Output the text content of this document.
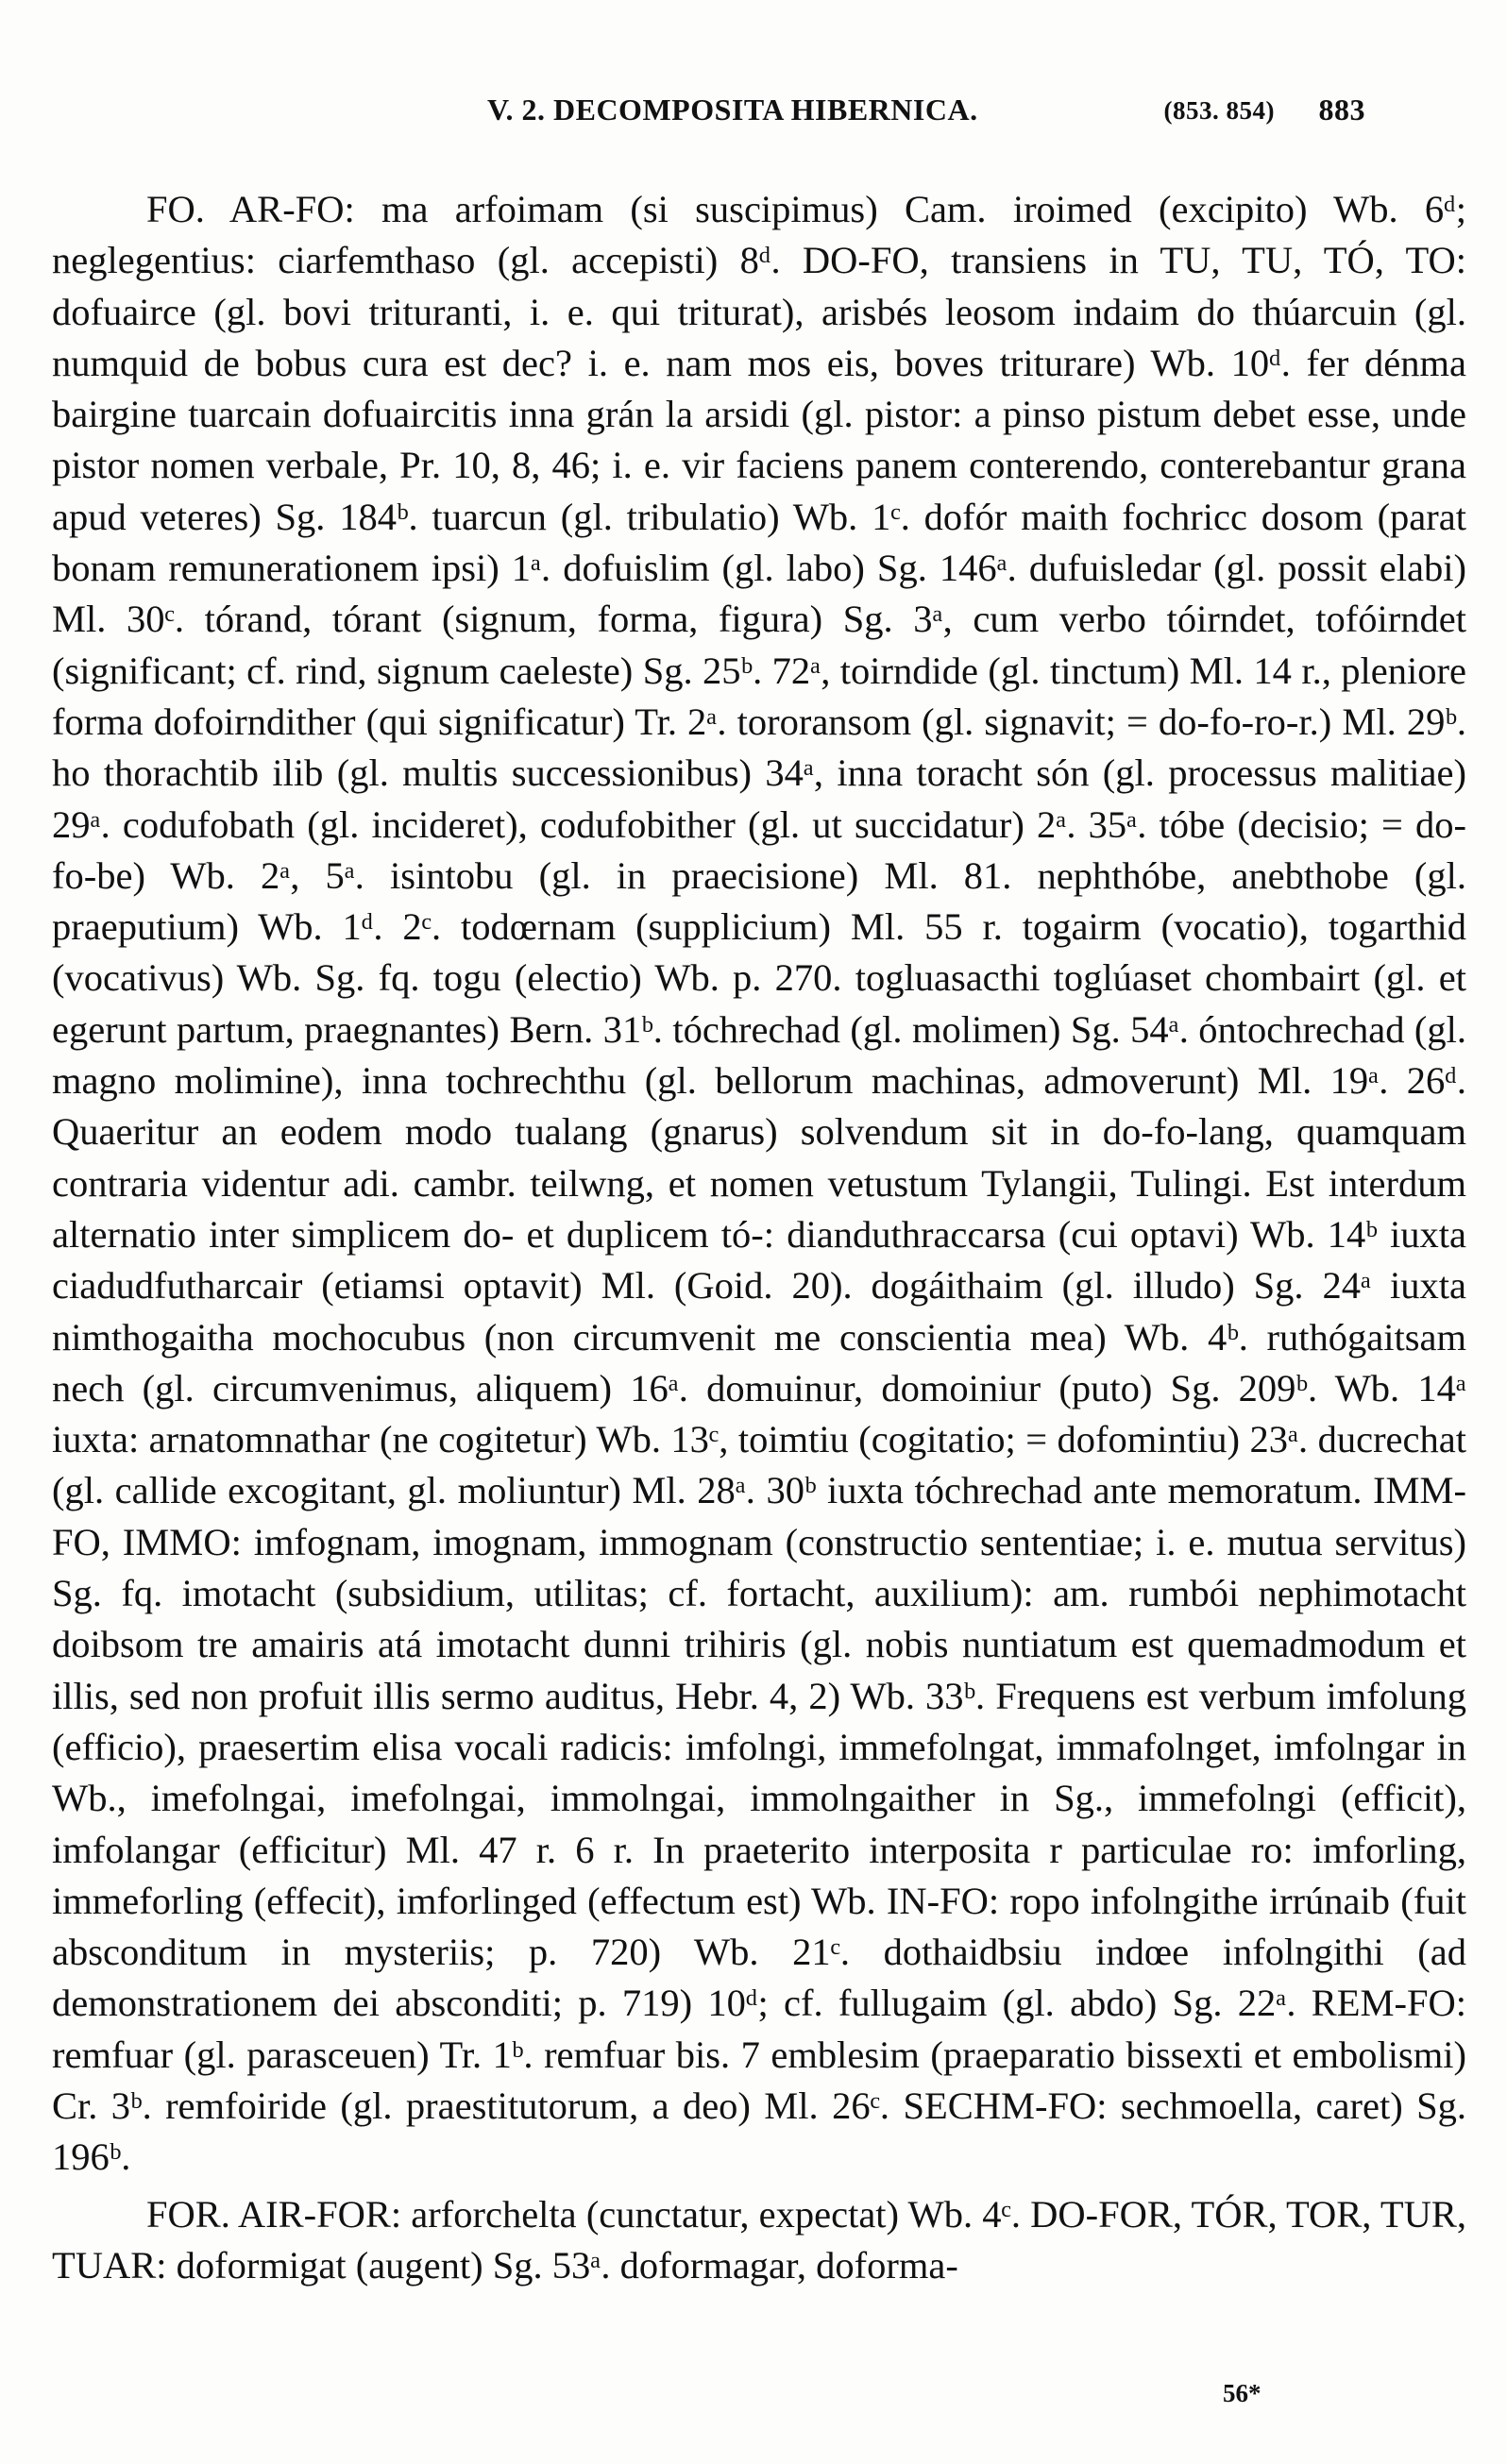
V. 2. DECOMPOSITA HIBERNICA.	(853. 854) 883

FO. AR-FO: ma arfoimam (si suscipimus) Cam. iroimed (excipito) Wb. 6ᵈ; neglegentius: ciarfemthaso (gl. accepisti) 8ᵈ. DO-FO, transiens in TU, TU, TÓ, TO: dofuairce (gl. bovi trituranti, i. e. qui triturat), arisbés leosom indaim do thúarcuin (gl. numquid de bobus cura est dec? i. e. nam mos eis, boves triturare) Wb. 10ᵈ. fer dénma bairgine tuarcain dofuaircitis inna grán la arsidi (gl. pistor: a pinso pistum debet esse, unde pistor nomen verbale, Pr. 10, 8, 46; i. e. vir faciens panem conterendo, conterebantur grana apud veteres) Sg. 184ᵇ. tuarcun (gl. tribulatio) Wb. 1ᶜ. dofór maith fochricc dosom (parat bonam remunerationem ipsi) 1ᵃ. dofuislim (gl. labo) Sg. 146ᵃ. dufuisledar (gl. possit elabi) Ml. 30ᶜ. tórand, tórant (signum, forma, figura) Sg. 3ᵃ, cum verbo tóirndet, tofóirndet (significant; cf. rind, signum caeleste) Sg. 25ᵇ. 72ᵃ, toirndide (gl. tinctum) Ml. 14 r., pleniore forma dofoirndither (qui significatur) Tr. 2ᵃ. tororansom (gl. signavit; = do-fo-ro-r.) Ml. 29ᵇ. ho thorachtib ilib (gl. multis successionibus) 34ᵃ, inna toracht són (gl. processus malitiae) 29ᵃ. codufobath (gl. incideret), codufobither (gl. ut succidatur) 2ᵃ. 35ᵃ. tóbe (decisio; = do-fo-be) Wb. 2ᵃ, 5ᵃ. isintobu (gl. in praecisione) Ml. 81. nephthóbe, anebthobe (gl. praeputium) Wb. 1ᵈ. 2ᶜ. todœrnam (supplicium) Ml. 55 r. togairm (vocatio), togarthid (vocativus) Wb. Sg. fq. togu (electio) Wb. p. 270. togluasacthi toglúaset chombairt (gl. et egerunt partum, praegnantes) Bern. 31ᵇ. tóchrechad (gl. molimen) Sg. 54ᵃ. óntochrechad (gl. magno molimine), inna tochrechthu (gl. bellorum machinas, admoverunt) Ml. 19ᵃ. 26ᵈ. Quaeritur an eodem modo tualang (gnarus) solvendum sit in do-fo-lang, quamquam contraria videntur adi. cambr. teilwng, et nomen vetustum Tylangii, Tulingi. Est interdum alternatio inter simplicem do- et duplicem tó-: dianduthraccarsa (cui optavi) Wb. 14ᵇ iuxta ciadudfutharcair (etiamsi optavit) Ml. (Goid. 20). dogáithaim (gl. illudo) Sg. 24ᵃ iuxta nimthogaitha mochocubus (non circumvenit me conscientia mea) Wb. 4ᵇ. ruthógaitsam nech (gl. circumvenimus, aliquem) 16ᵃ. domuinur, domoiniur (puto) Sg. 209ᵇ. Wb. 14ᵃ iuxta: arnatomnathar (ne cogitetur) Wb. 13ᶜ, toimtiu (cogitatio; = dofomintiu) 23ᵃ. ducrechat (gl. callide excogitant, gl. moliuntur) Ml. 28ᵃ. 30ᵇ iuxta tóchrechad ante memoratum. IMM-FO, IMMO: imfognam, imognam, immognam (constructio sententiae; i. e. mutua servitus) Sg. fq. imotacht (subsidium, utilitas; cf. fortacht, auxilium): am. rumbói nephimotacht doibsom tre amairis atá imotacht dunni trihiris (gl. nobis nuntiatum est quemadmodum et illis, sed non profuit illis sermo auditus, Hebr. 4, 2) Wb. 33ᵇ. Frequens est verbum imfolung (efficio), praesertim elisa vocali radicis: imfolngi, immefolngat, immafolnget, imfolngar in Wb., imefolngai, imefolngai, immolngai, immolngaither in Sg., immefolngi (efficit), imfolangar (efficitur) Ml. 47 r. 6 r. In praeterito interposita r particulae ro: imforling, immeforling (effecit), imforlinged (effectum est) Wb. IN-FO: ropo infolngithe irrúnaib (fuit absconditum in mysteriis; p. 720) Wb. 21ᶜ. dothaidbsiu indœe infolngithi (ad demonstrationem dei absconditi; p. 719) 10ᵈ; cf. fullugaim (gl. abdo) Sg. 22ᵃ. REM-FO: remfuar (gl. parasceuen) Tr. 1ᵇ. remfuar bis. 7 emblesim (praeparatio bissexti et embolismi) Cr. 3ᵇ. remfoiride (gl. praestitutorum, a deo) Ml. 26ᶜ. SECHM-FO: sechmoella, caret) Sg. 196ᵇ.

FOR. AIR-FOR: arforchelta (cunctatur, expectat) Wb. 4ᶜ. DO-FOR, TÓR, TOR, TUR, TUAR: doformigat (augent) Sg. 53ᵃ. doformagar, doforma-

56*
